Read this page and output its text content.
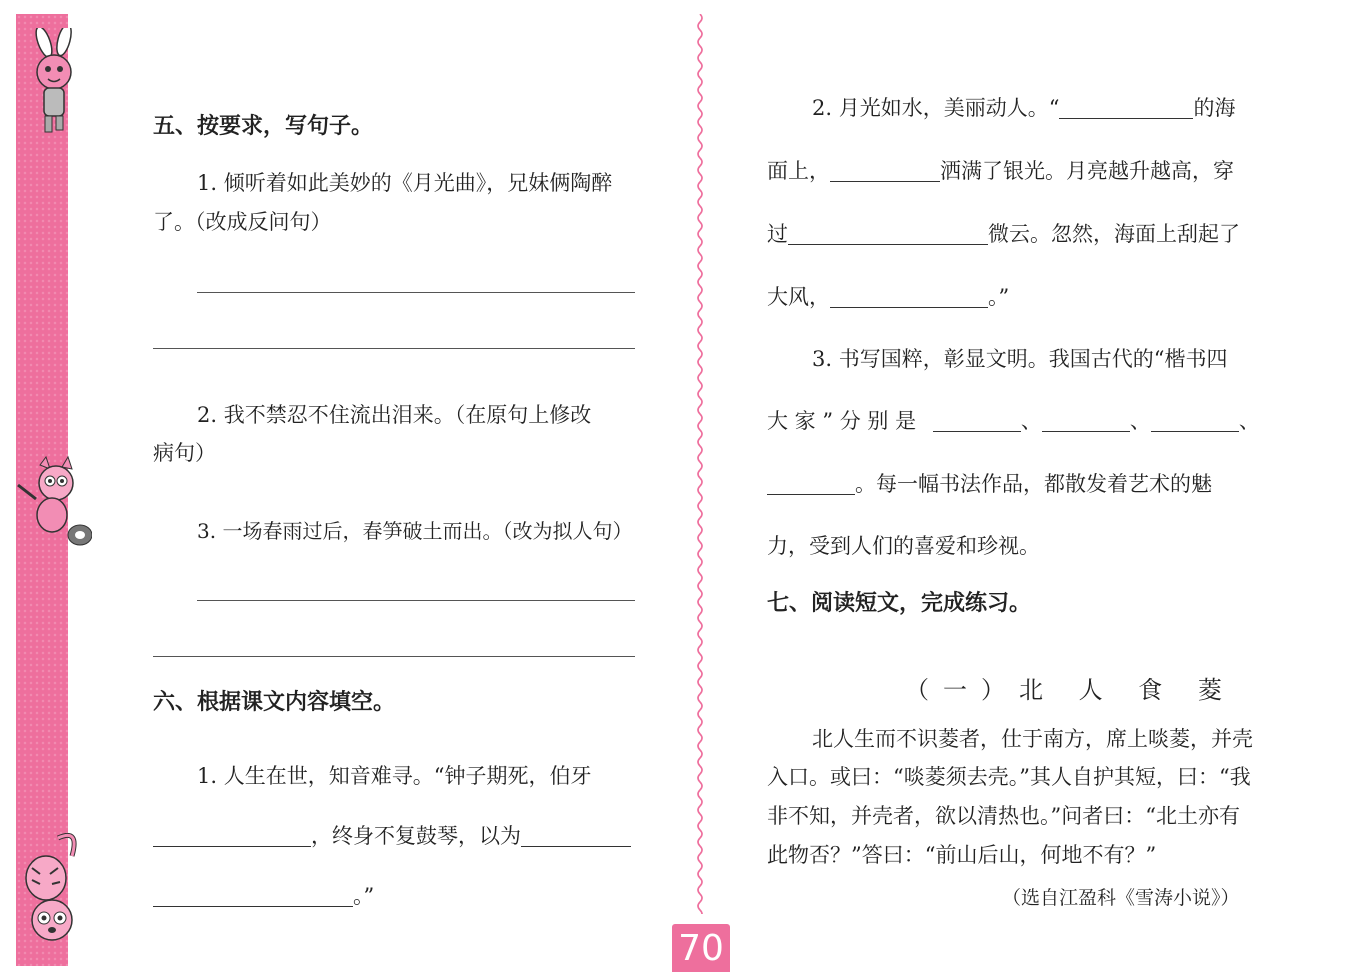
五、按要求，写句子。
1. 倾听着如此美妙的《月光曲》，兄妹俩陶醉
了。（改成反问句）
2. 我不禁忍不住流出泪来。（在原句上修改
病句）
3. 一场春雨过后，春笋破土而出。（改为拟人句）
六、根据课文内容填空。
1. 人生在世，知音难寻。“钟子期死，伯牙
，终身不复鼓琴，以为
。”
2. 月光如水，美丽动人。“	的海
面上，	洒满了银光。月亮越升越高，穿
过	微云。忽然，海面上刮起了
大风，	。”
3. 书写国粹，彰显文明。我国古代的“楷书四
大 家 ” 分 别 是	、	、	、
。每一幅书法作品，都散发着艺术的魅
力，受到人们的喜爱和珍视。
七、阅读短文，完成练习。
（一）北 人 食 菱
北人生而不识菱者，仕于南方，席上啖菱，并壳
入口。或曰：“啖菱须去壳。”其人自护其短，曰：“我
非不知，并壳者，欲以清热也。”问者曰：“北土亦有
此物否？”答曰：“前山后山，何地不有？”
（选自江盈科《雪涛小说》）
70
